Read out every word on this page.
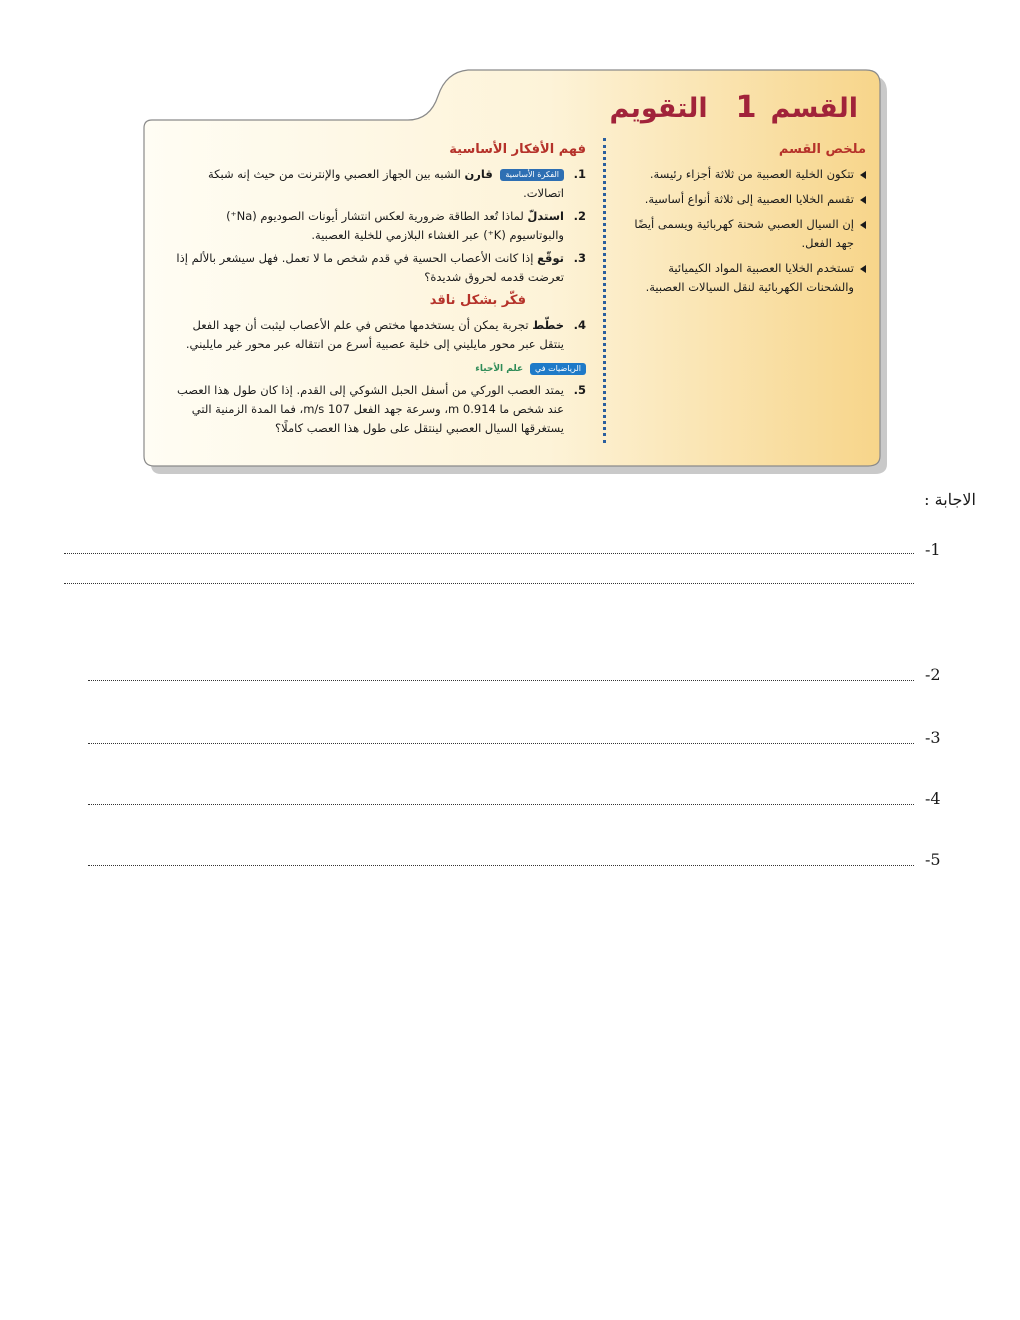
القسم
1
التقويم
ملخص القسم
تتكون الخلية العصبية من ثلاثة أجزاء رئيسة.
تقسم الخلايا العصبية إلى ثلاثة أنواع أساسية.
إن السيال العصبي شحنة كهربائية ويسمى أيضًا جهد الفعل.
تستخدم الخلايا العصبية المواد الكيميائية والشحنات الكهربائية لنقل السيالات العصبية.
فهم الأفكار الأساسية
1.
الفكرة الأساسية قارن الشبه بين الجهاز العصبي والإنترنت من حيث إنه شبكة اتصالات.
2.
استدلّ لماذا تُعد الطاقة ضرورية لعكس انتشار أيونات الصوديوم (Na⁺) والبوتاسيوم (K⁺) عبر الغشاء البلازمي للخلية العصبية.
3.
توقّع إذا كانت الأعصاب الحسية في قدم شخص ما لا تعمل. فهل سيشعر بالألم إذا تعرضت قدمه لحروق شديدة؟
فكّر بشكل ناقد
4.
خطّط تجربة يمكن أن يستخدمها مختص في علم الأعصاب ليثبت أن جهد الفعل ينتقل عبر محور مايليني إلى خلية عصبية أسرع من انتقاله عبر محور غير مايليني.
الرياضيات في علم الأحياء
5.
يمتد العصب الوركي من أسفل الحبل الشوكي إلى القدم. إذا كان طول هذا العصب عند شخص ما 0.914 m، وسرعة جهد الفعل 107 m/s، فما المدة الزمنية التي يستغرقها السيال العصبي لينتقل على طول هذا العصب كاملًا؟
الاجابة :
-1
-2
-3
-4
-5
